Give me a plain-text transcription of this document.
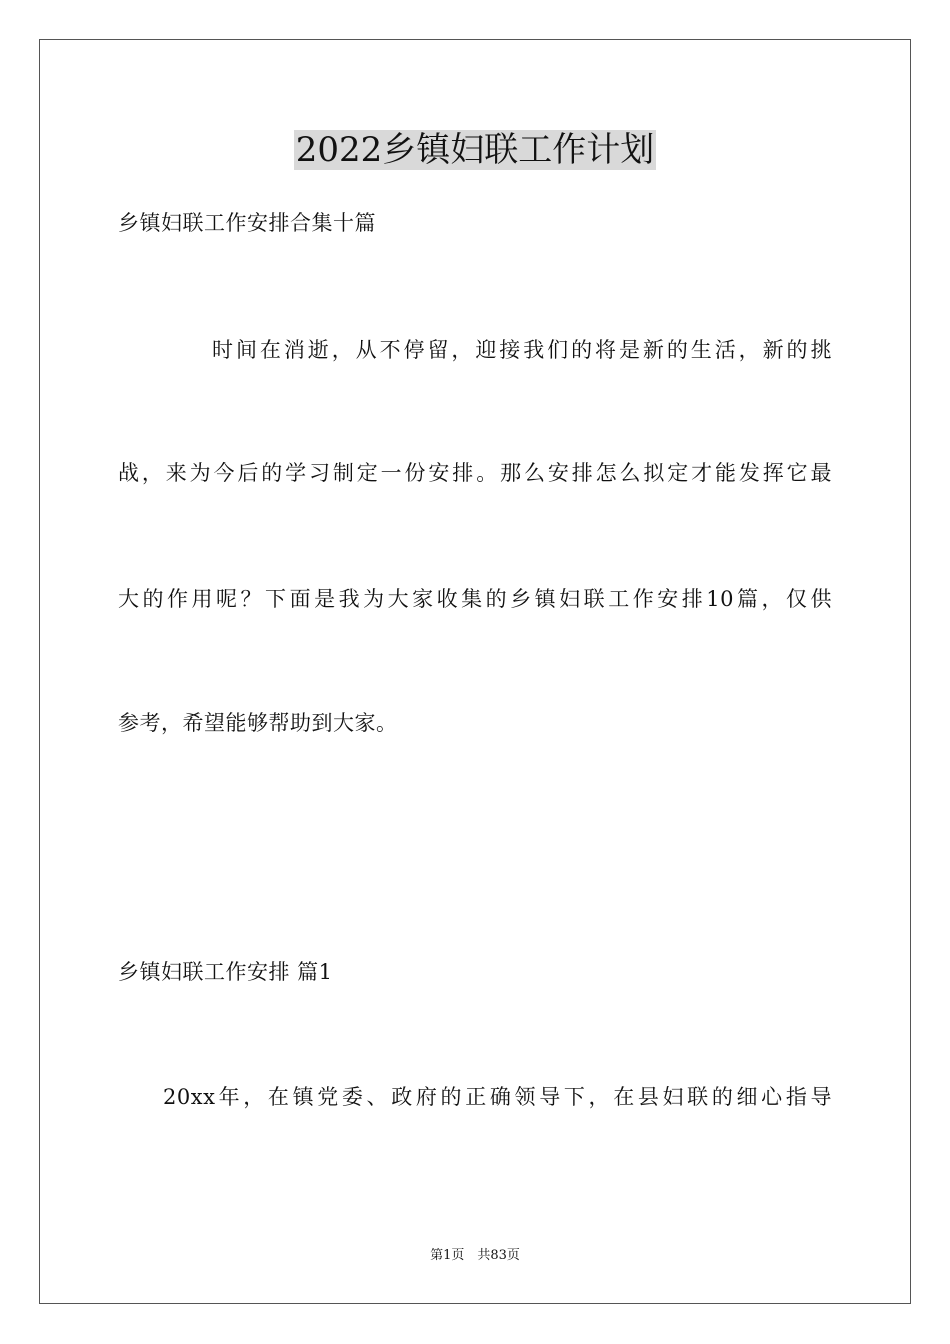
2022乡镇妇联工作计划
乡镇妇联工作安排合集十篇
时间在消逝，从不停留，迎接我们的将是新的生活，新的挑
战，来为今后的学习制定一份安排。那么安排怎么拟定才能发挥它最
大的作用呢？下面是我为大家收集的乡镇妇联工作安排10篇，仅供
参考，希望能够帮助到大家。
乡镇妇联工作安排 篇1
20xx年，在镇党委、政府的正确领导下，在县妇联的细心指导
第1页　共83页
